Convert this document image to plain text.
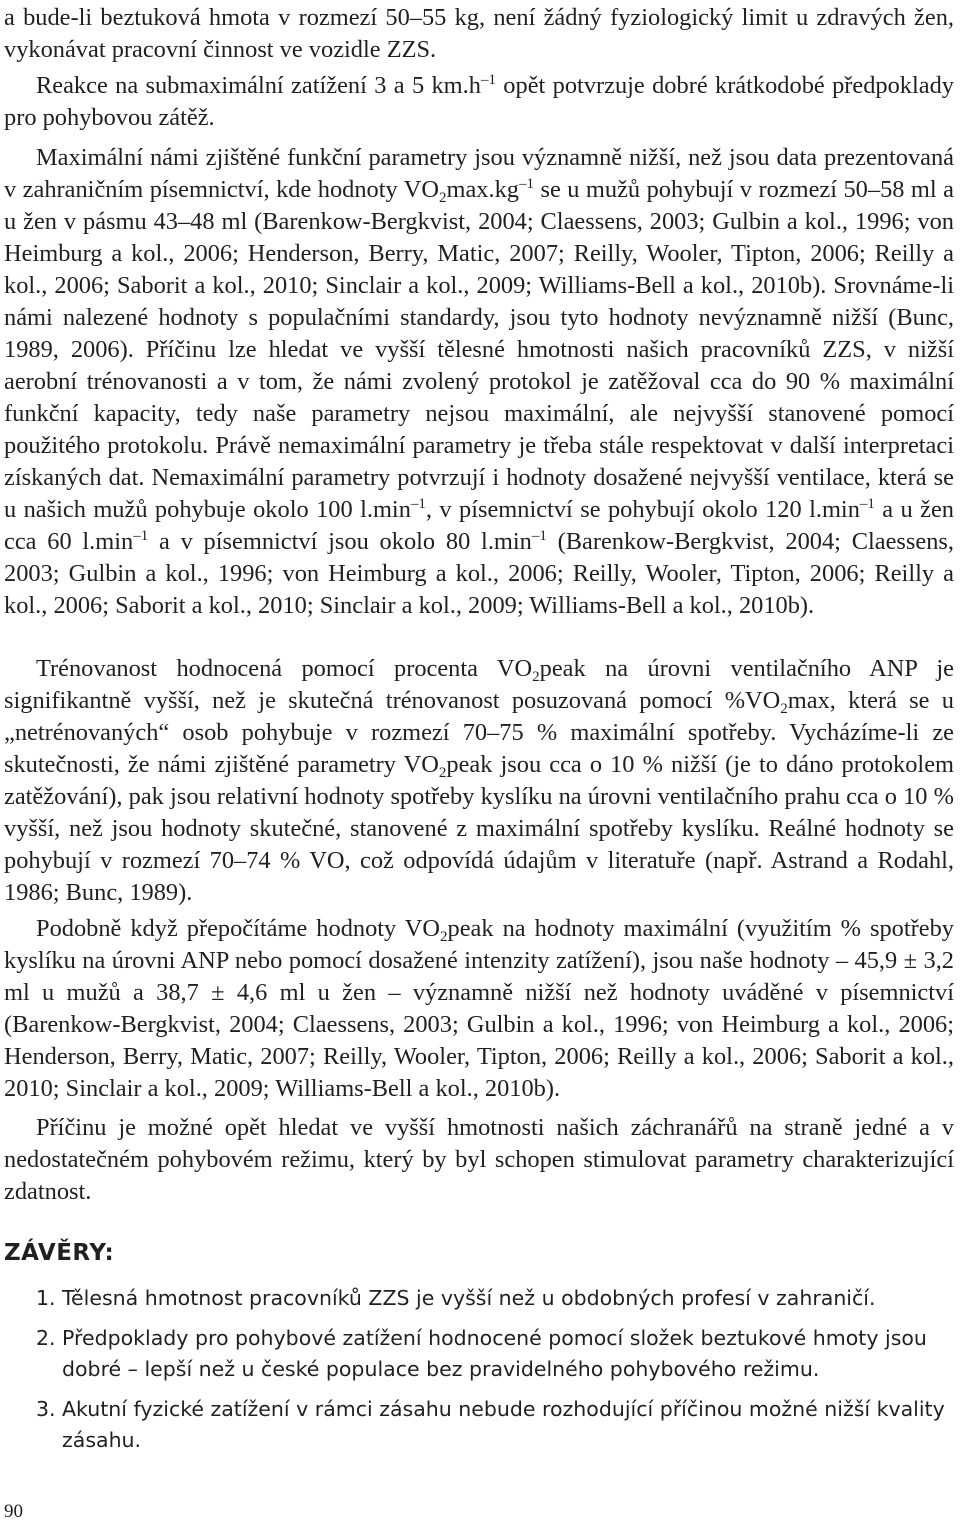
a bude-li beztuková hmota v rozmezí 50–55 kg, není žádný fyziologický limit u zdravých žen, vykonávat pracovní činnost ve vozidle ZZS.

Reakce na submaximální zatížení 3 a 5 $km.h^{-1}$ opět potvrzuje dobré krátkodobé předpoklady pro pohybovou zátěž.

Maximální námi zjištěné funkční parametry jsou významně nižší, než jsou data prezentovaná v zahraničním písemnictví, kde hodnoty $VO_2\max.kg^{-1}$ se u mužů pohybují v rozmezí 50–58 ml a u žen v pásmu 43–48 ml (Barenkow-Bergkvist, 2004; Claessens, 2003; Gulbin a kol., 1996; von Heimburg a kol., 2006; Henderson, Berry, Matic, 2007; Reilly, Wooler, Tipton, 2006; Reilly a kol., 2006; Saborit a kol., 2010; Sinclair a kol., 2009; Williams-Bell a kol., 2010b). Srovnáme-li námi nalezené hodnoty s populačními standardy, jsou tyto hodnoty nevýznamně nižší (Bunc, 1989, 2006). Příčinu lze hledat ve vyšší tělesné hmotnosti našich pracovníků ZZS, v nižší aerobní trénovanosti a v tom, že námi zvolený protokol je zatěžoval cca do 90 % maximální funkční kapacity, tedy naše parametry nejsou maximální, ale nejvyšší stanovené pomocí použitého protokolu. Právě nemaximální parametry je třeba stále respektovat v další interpretaci získaných dat. Nemaximální parametry potvrzují i hodnoty dosažené nejvyšší ventilace, která se u našich mužů pohybuje okolo 100 $l.\min^{-1}$, v písemnictví se pohybují okolo 120 $l.\min^{-1}$ a u žen cca 60 $l.\min^{-1}$ a v písemnictví jsou okolo 80 $l.\min^{-1}$ (Barenkow-Bergkvist, 2004; Claessens, 2003; Gulbin a kol., 1996; von Heimburg a kol., 2006; Reilly, Wooler, Tipton, 2006; Reilly a kol., 2006; Saborit a kol., 2010; Sinclair a kol., 2009; Williams-Bell a kol., 2010b).

Trénovanost hodnocená pomocí procenta $VO_2peak$ na úrovni ventilačního ANP je signifikantně vyšší, než je skutečná trénovanost posuzovaná pomocí $\%VO_2\max$, která se u „netrénovaných“ osob pohybuje v rozmezí 70–75 % maximální spotřeby. Vycházíme-li ze skutečnosti, že námi zjištěné parametry $VO_2peak$ jsou cca o 10 % nižší (je to dáno protokolem zatěžování), pak jsou relativní hodnoty spotřeby kyslíku na úrovni ventilačního prahu cca o 10 % vyšší, než jsou hodnoty skutečné, stanovené z maximální spotřeby kyslíku. Reálné hodnoty se pohybují v rozmezí 70–74 % VO, což odpovídá údajům v literatuře (např. Astrand a Rodahl, 1986; Bunc, 1989).

Podobně když přepočítáme hodnoty $VO_2peak$ na hodnoty maximální (využitím % spotřeby kyslíku na úrovni ANP nebo pomocí dosažené intenzity zatížení), jsou naše hodnoty – 45,9 ± 3,2 ml u mužů a 38,7 ± 4,6 ml u žen – významně nižší než hodnoty uváděné v písemnictví (Barenkow-Bergkvist, 2004; Claessens, 2003; Gulbin a kol., 1996; von Heimburg a kol., 2006; Henderson, Berry, Matic, 2007; Reilly, Wooler, Tipton, 2006; Reilly a kol., 2006; Saborit a kol., 2010; Sinclair a kol., 2009; Williams-Bell a kol., 2010b).

Příčinu je možné opět hledat ve vyšší hmotnosti našich záchranářů na straně jedné a v nedostatečném pohybovém režimu, který by byl schopen stimulovat parametry charakterizující zdatnost.

ZÁVĚRY:
1. Tělesná hmotnost pracovníků ZZS je vyšší než u obdobných profesí v zahraničí.
2. Předpoklady pro pohybové zatížení hodnocené pomocí složek beztukové hmoty jsou dobré – lepší než u české populace bez pravidelného pohybového režimu.
3. Akutní fyzické zatížení v rámci zásahu nebude rozhodující příčinou možné nižší kvality zásahu.

90
